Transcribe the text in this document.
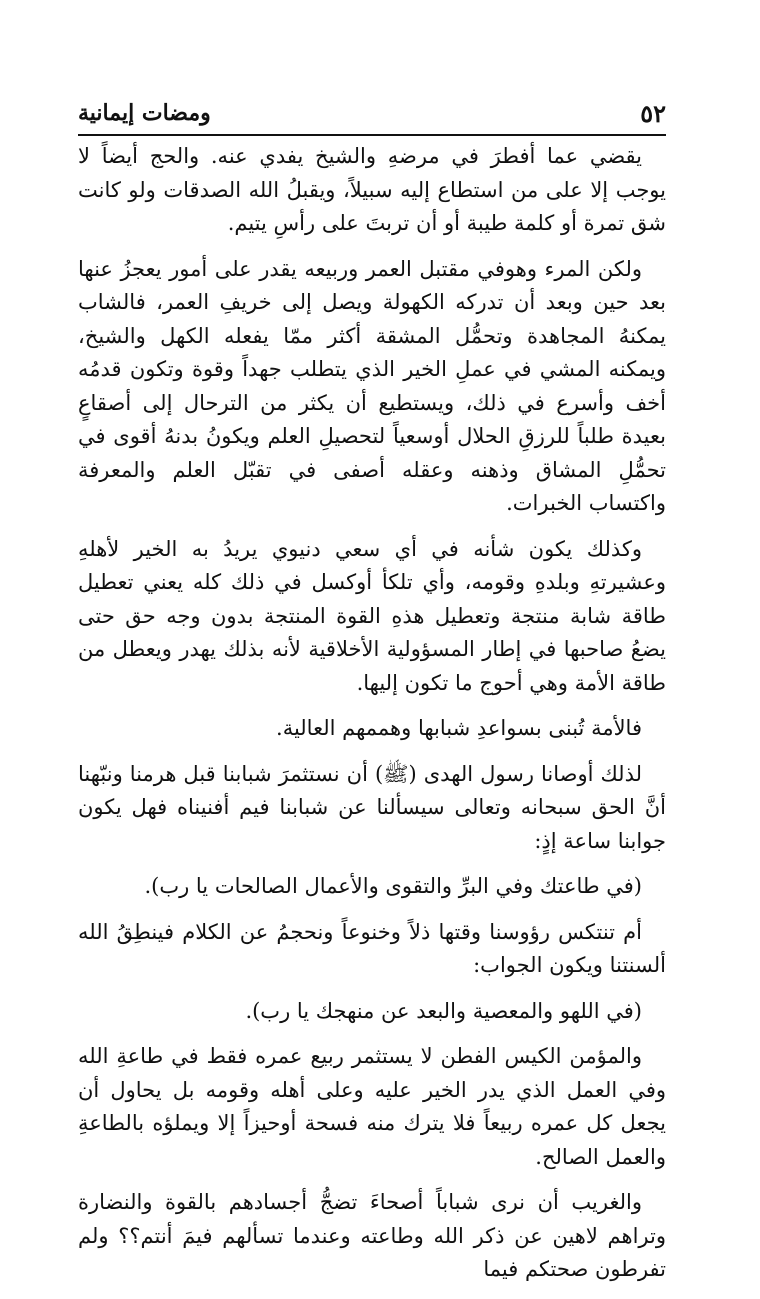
٥٢
ومضات إيمانية

يقضي عما أفطرَ في مرضهِ والشيخ يفدي عنه. والحج أيضاً لا يوجب إلا على من استطاع إليه سبيلاً، ويقبلُ الله الصدقات ولو كانت شق تمرة أو كلمة طيبة أو أن تربتَ على رأسِ يتيم.

ولكن المرء وهوفي مقتبل العمر وربيعه يقدر على أمور يعجزُ عنها بعد حين وبعد أن تدركه الكهولة ويصل إلى خريفِ العمر، فالشاب يمكنهُ المجاهدة وتحمُّل المشقة أكثر ممّا يفعله الكهل والشيخ، ويمكنه المشي في عملِ الخير الذي يتطلب جهداً وقوة وتكون قدمُه أخف وأسرع في ذلك، ويستطيع أن يكثر من الترحال إلى أصقاعٍ بعيدة طلباً للرزقِ الحلال أوسعياً لتحصيلِ العلم ويكونُ بدنهُ أقوى في تحمُّلِ المشاق وذهنه وعقله أصفى في تقبّل العلم والمعرفة واكتساب الخبرات.

وكذلك يكون شأنه في أي سعي دنيوي يريدُ به الخير لأهلهِ وعشيرتهِ وبلدهِ وقومه، وأي تلكأ أوكسل في ذلك كله يعني تعطيل طاقة شابة منتجة وتعطيل هذهِ القوة المنتجة بدون وجه حق حتى يضعُ صاحبها في إطار المسؤولية الأخلاقية لأنه بذلك يهدر ويعطل من طاقة الأمة وهي أحوج ما تكون إليها.

فالأمة تُبنى بسواعدِ شبابها وهممهم العالية.

لذلك أوصانا رسول الهدى (ﷺ) أن نستثمرَ شبابنا قبل هرمنا ونبّهنا أنَّ الحق سبحانه وتعالى سيسألنا عن شبابنا فيم أفنيناه فهل يكون جوابنا ساعة إذٍ:

(في طاعتك وفي البرِّ والتقوى والأعمال الصالحات يا رب).

أم تنتكس رؤوسنا وقتها ذلاً وخنوعاً ونحجمُ عن الكلام فينطِقُ الله ألسنتنا ويكون الجواب:

(في اللهو والمعصية والبعد عن منهجك يا رب).

والمؤمن الكيس الفطن لا يستثمر ربيع عمره فقط في طاعةِ الله وفي العمل الذي يدر الخير عليه وعلى أهله وقومه بل يحاول أن يجعل كل عمره ربيعاً فلا يترك منه فسحة أوحيزاً إلا ويملؤه بالطاعةِ والعمل الصالح.

والغريب أن نرى شباباً أصحاءَ تضجُّ أجسادهم بالقوة والنضارة وتراهم لاهين عن ذكر الله وطاعته وعندما تسألهم فيمَ أنتم؟؟ ولم تفرطون صحتكم فيما
